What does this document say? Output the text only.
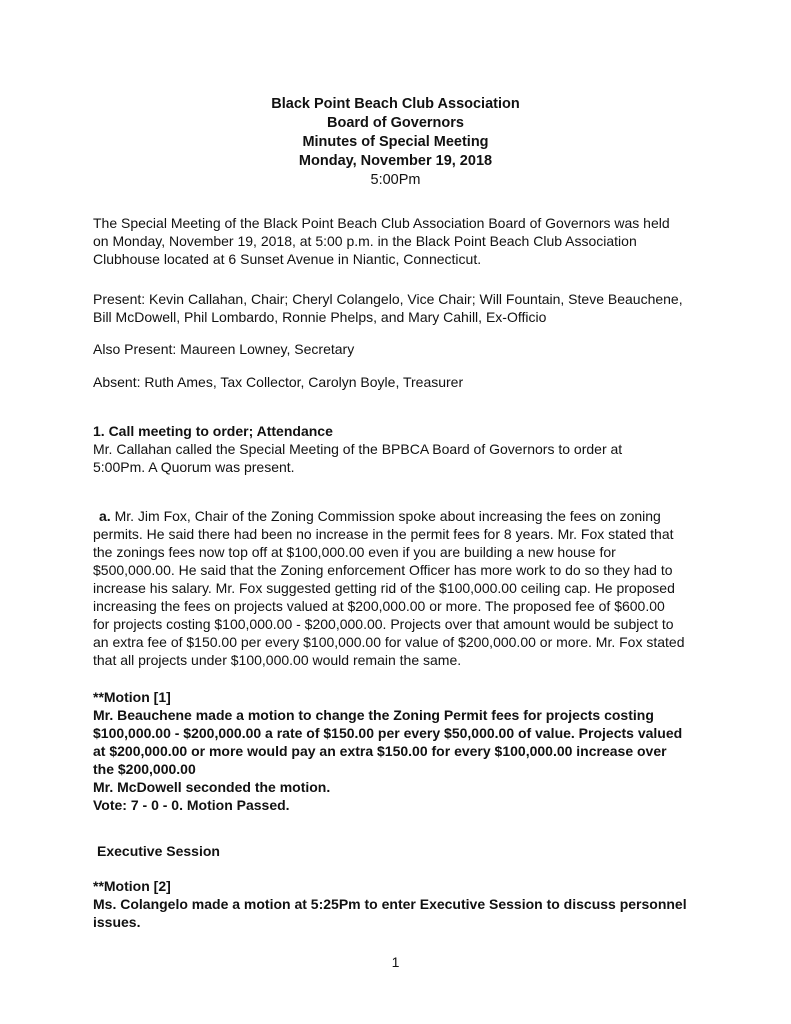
Black Point Beach Club Association
Board of Governors
Minutes of Special Meeting
Monday, November 19, 2018
5:00Pm
The Special Meeting of the Black Point Beach Club Association Board of Governors was held
on Monday, November 19, 2018, at 5:00 p.m. in the Black Point Beach Club Association
Clubhouse located at 6 Sunset Avenue in Niantic, Connecticut.
Present: Kevin Callahan, Chair; Cheryl Colangelo, Vice Chair; Will Fountain, Steve Beauchene,
Bill McDowell, Phil Lombardo, Ronnie Phelps, and Mary Cahill, Ex-Officio
Also Present: Maureen Lowney, Secretary
Absent: Ruth Ames, Tax Collector, Carolyn Boyle, Treasurer
1. Call meeting to order; Attendance
Mr. Callahan called the Special Meeting of the BPBCA Board of Governors to order at
5:00Pm. A Quorum was present.
a. Mr. Jim Fox, Chair of the Zoning Commission spoke about increasing the fees on zoning
permits. He said there had been no increase in the permit fees for 8 years. Mr. Fox stated that
the zonings fees now top off at $100,000.00 even if you are building a new house for
$500,000.00. He said that the Zoning enforcement Officer has more work to do so they had to
increase his salary. Mr. Fox suggested getting rid of the $100,000.00 ceiling cap. He proposed
increasing the fees on projects valued at $200,000.00 or more. The proposed fee of $600.00
for projects costing $100,000.00 - $200,000.00. Projects over that amount would be subject to
an extra fee of $150.00 per every $100,000.00 for value of $200,000.00 or more. Mr. Fox stated
that all projects under $100,000.00 would remain the same.
**Motion [1]
Mr. Beauchene made a motion to change the Zoning Permit fees for projects costing
$100,000.00 - $200,000.00 a rate of $150.00 per every $50,000.00 of value. Projects valued
at $200,000.00 or more would pay an extra $150.00 for every $100,000.00 increase over
the $200,000.00
Mr. McDowell seconded the motion.
Vote: 7 - 0 - 0. Motion Passed.
Executive Session
**Motion [2]
Ms. Colangelo made a motion at 5:25Pm to enter Executive Session to discuss personnel
issues.
1
